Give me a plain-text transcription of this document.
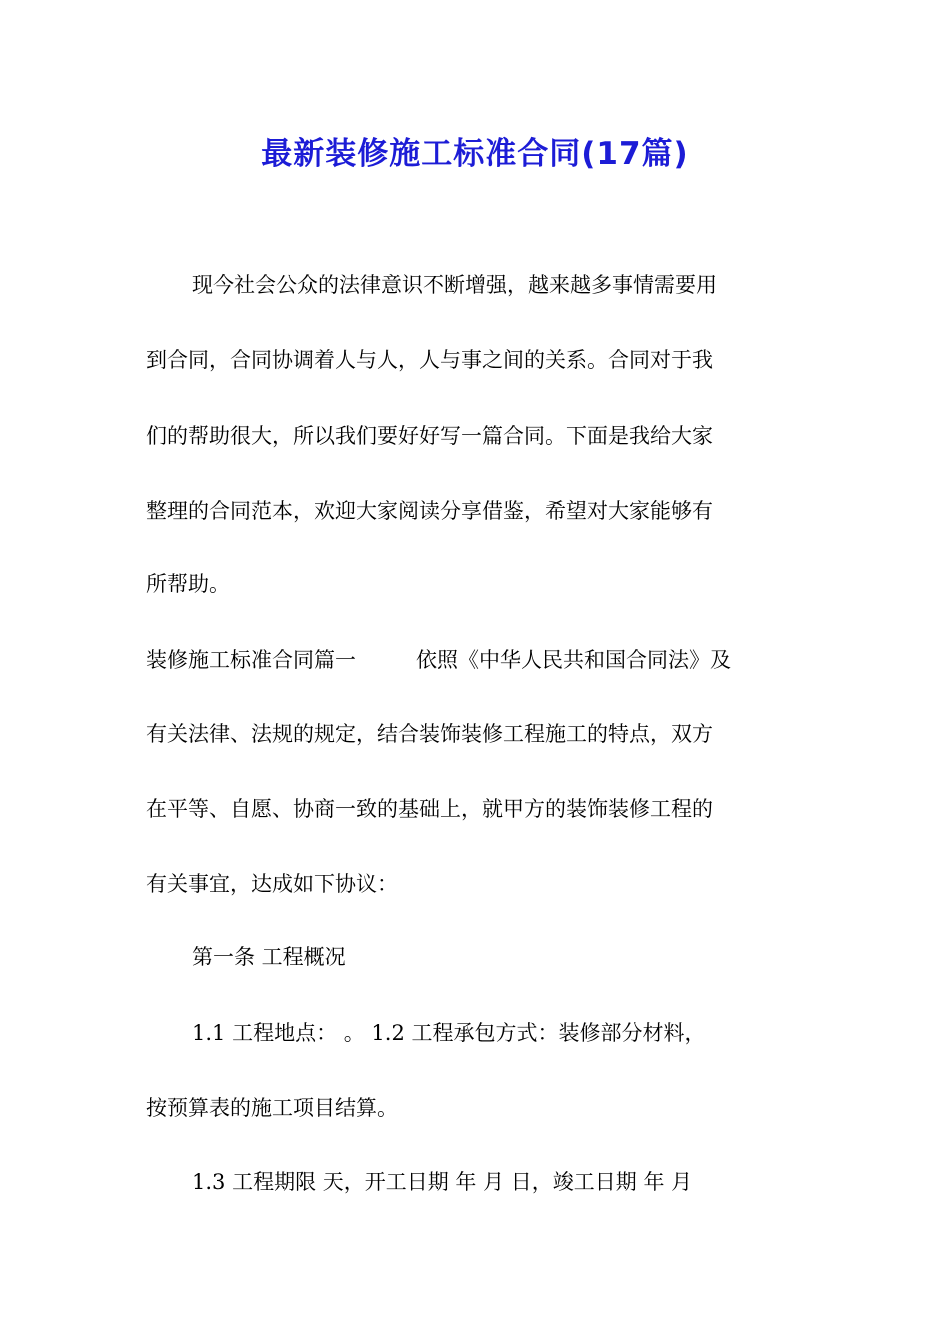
最新装修施工标准合同(17篇)
现今社会公众的法律意识不断增强，越来越多事情需要用
到合同，合同协调着人与人，人与事之间的关系。合同对于我
们的帮助很大，所以我们要好好写一篇合同。下面是我给大家
整理的合同范本，欢迎大家阅读分享借鉴，希望对大家能够有
所帮助。
装修施工标准合同篇一	依照《中华人民共和国合同法》及
有关法律、法规的规定，结合装饰装修工程施工的特点，双方
在平等、自愿、协商一致的基础上，就甲方的装饰装修工程的
有关事宜，达成如下协议：
第一条 工程概况
1.1 工程地点： 。 1.2 工程承包方式：装修部分材料，
按预算表的施工项目结算。
1.3 工程期限 天，开工日期 年 月 日，竣工日期 年 月
